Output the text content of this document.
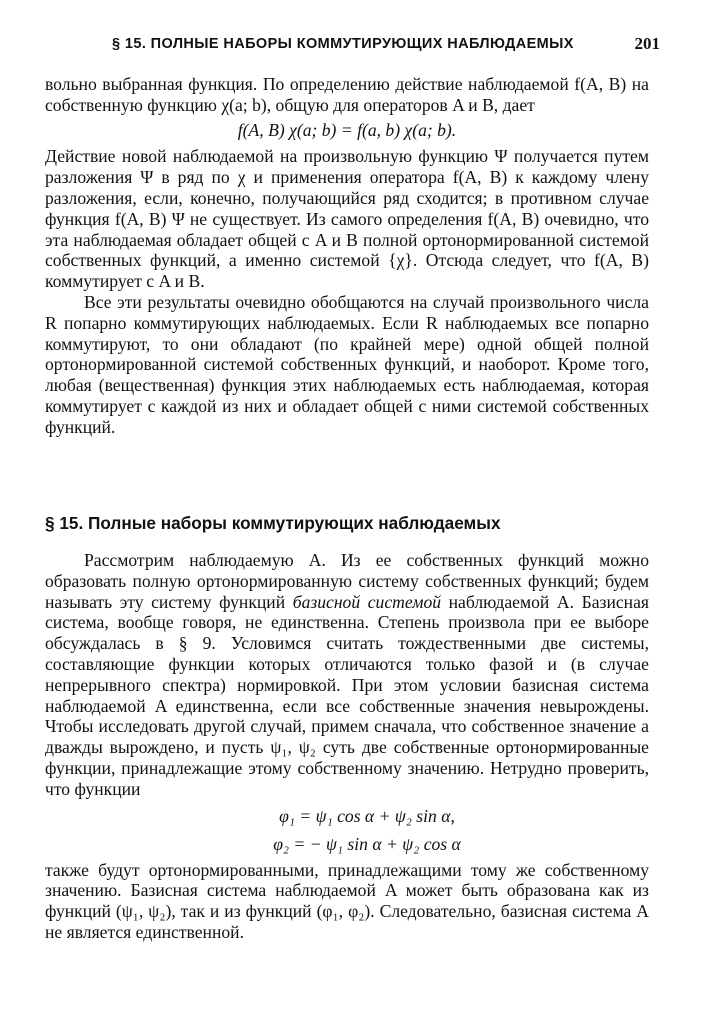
§ 15. ПОЛНЫЕ НАБОРЫ КОММУТИРУЮЩИХ НАБЛЮДАЕМЫХ	201

вольно выбранная функция. По определению действие наблюдаемой f(A, B) на собственную функцию χ(a; b), общую для операторов A и B, дает

f(A, B) χ(a; b) = f(a, b) χ(a; b).

Действие новой наблюдаемой на произвольную функцию Ψ получается путем разложения Ψ в ряд по χ и применения оператора f(A, B) к каждому члену разложения, если, конечно, получающийся ряд сходится; в противном случае функция f(A, B) Ψ не существует. Из самого определения f(A, B) очевидно, что эта наблюдаемая обладает общей с A и B полной ортонормированной системой собственных функций, а именно системой {χ}. Отсюда следует, что f(A, B) коммутирует с A и B.

Все эти результаты очевидно обобщаются на случай произвольного числа R попарно коммутирующих наблюдаемых. Если R наблюдаемых все попарно коммутируют, то они обладают (по крайней мере) одной общей полной ортонормированной системой собственных функций, и наоборот. Кроме того, любая (вещественная) функция этих наблюдаемых есть наблюдаемая, которая коммутирует с каждой из них и обладает общей с ними системой собственных функций.

§ 15. Полные наборы коммутирующих наблюдаемых

Рассмотрим наблюдаемую A. Из ее собственных функций можно образовать полную ортонормированную систему собственных функций; будем называть эту систему функций базисной системой наблюдаемой A. Базисная система, вообще говоря, не единственна. Степень произвола при ее выборе обсуждалась в § 9. Условимся считать тождественными две системы, составляющие функции которых отличаются только фазой и (в случае непрерывного спектра) нормировкой. При этом условии базисная система наблюдаемой A единственна, если все собственные значения невырождены. Чтобы исследовать другой случай, примем сначала, что собственное значение a дважды вырождено, и пусть ψ₁, ψ₂ суть две собственные ортонормированные функции, принадлежащие этому собственному значению. Нетрудно проверить, что функции

φ₁ = ψ₁ cos α + ψ₂ sin α,
φ₂ = − ψ₁ sin α + ψ₂ cos α

также будут ортонормированными, принадлежащими тому же собственному значению. Базисная система наблюдаемой A может быть образована как из функций (ψ₁, ψ₂), так и из функций (φ₁, φ₂). Следовательно, базисная система A не является единственной.
